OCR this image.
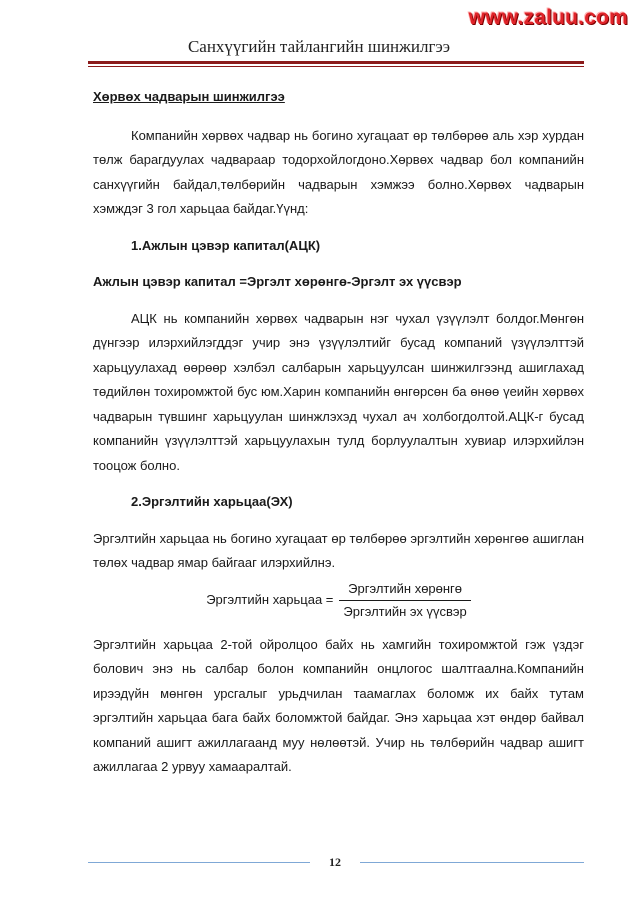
www.zaluu.com
Санхүүгийн тайлангийн шинжилгээ

Хөрвөх чадварын шинжилгээ

Компанийн хөрвөх чадвар нь богино хугацаат өр төлбөрөө аль хэр хурдан төлж барагдуулах чадвараар тодорхойлогдоно.Хөрвөх чадвар бол компанийн санхүүгийн байдал,төлбөрийн чадварын хэмжээ болно.Хөрвөх чадварын хэмждэг 3 гол харьцаа байдаг.Үүнд:

1.Ажлын цэвэр капитал(АЦК)

Ажлын цэвэр капитал =Эргэлт хөрөнгө-Эргэлт эх үүсвэр

АЦК нь компанийн хөрвөх чадварын нэг чухал үзүүлэлт болдог.Мөнгөн дүнгээр илэрхийлэгддэг учир энэ үзүүлэлтийг бусад компаний үзүүлэлттэй харьцуулахад өөрөөр хэлбэл салбарын харьцуулсан шинжилгээнд ашиглахад төдийлөн тохиромжтой бус юм.Харин компанийн өнгөрсөн ба өнөө үеийн хөрвөх чадварын түвшинг харьцуулан шинжлэхэд чухал ач холбогдолтой.АЦК-г бусад компанийн үзүүлэлттэй харьцуулахын тулд борлуулалтын хувиар илэрхийлэн тооцож болно.

2.Эргэлтийн харьцаа(ЭХ)

Эргэлтийн харьцаа нь богино хугацаат өр төлбөрөө эргэлтийн хөрөнгөө ашиглан төлөх чадвар ямар байгааг илэрхийлнэ.

Эргэлтийн харьцаа = $\frac{\text{Эргэлтийн хөрөнгө}}{\text{Эргэлтийн эх үүсвэр}}$

Эргэлтийн харьцаа 2-той ойролцоо байх нь хамгийн тохиромжтой гэж үздэг болович энэ нь салбар болон компанийн онцлогос шалтгаална.Компанийн ирээдүйн мөнгөн урсгалыг урьдчилан таамаглах боломж их байх тутам эргэлтийн харьцаа бага байх боломжтой байдаг. Энэ харьцаа хэт өндөр байвал компаний ашигт ажиллагаанд муу нөлөөтэй. Учир нь төлбөрийн чадвар ашигт ажиллагаа 2 урвуу хамааралтай.

12
